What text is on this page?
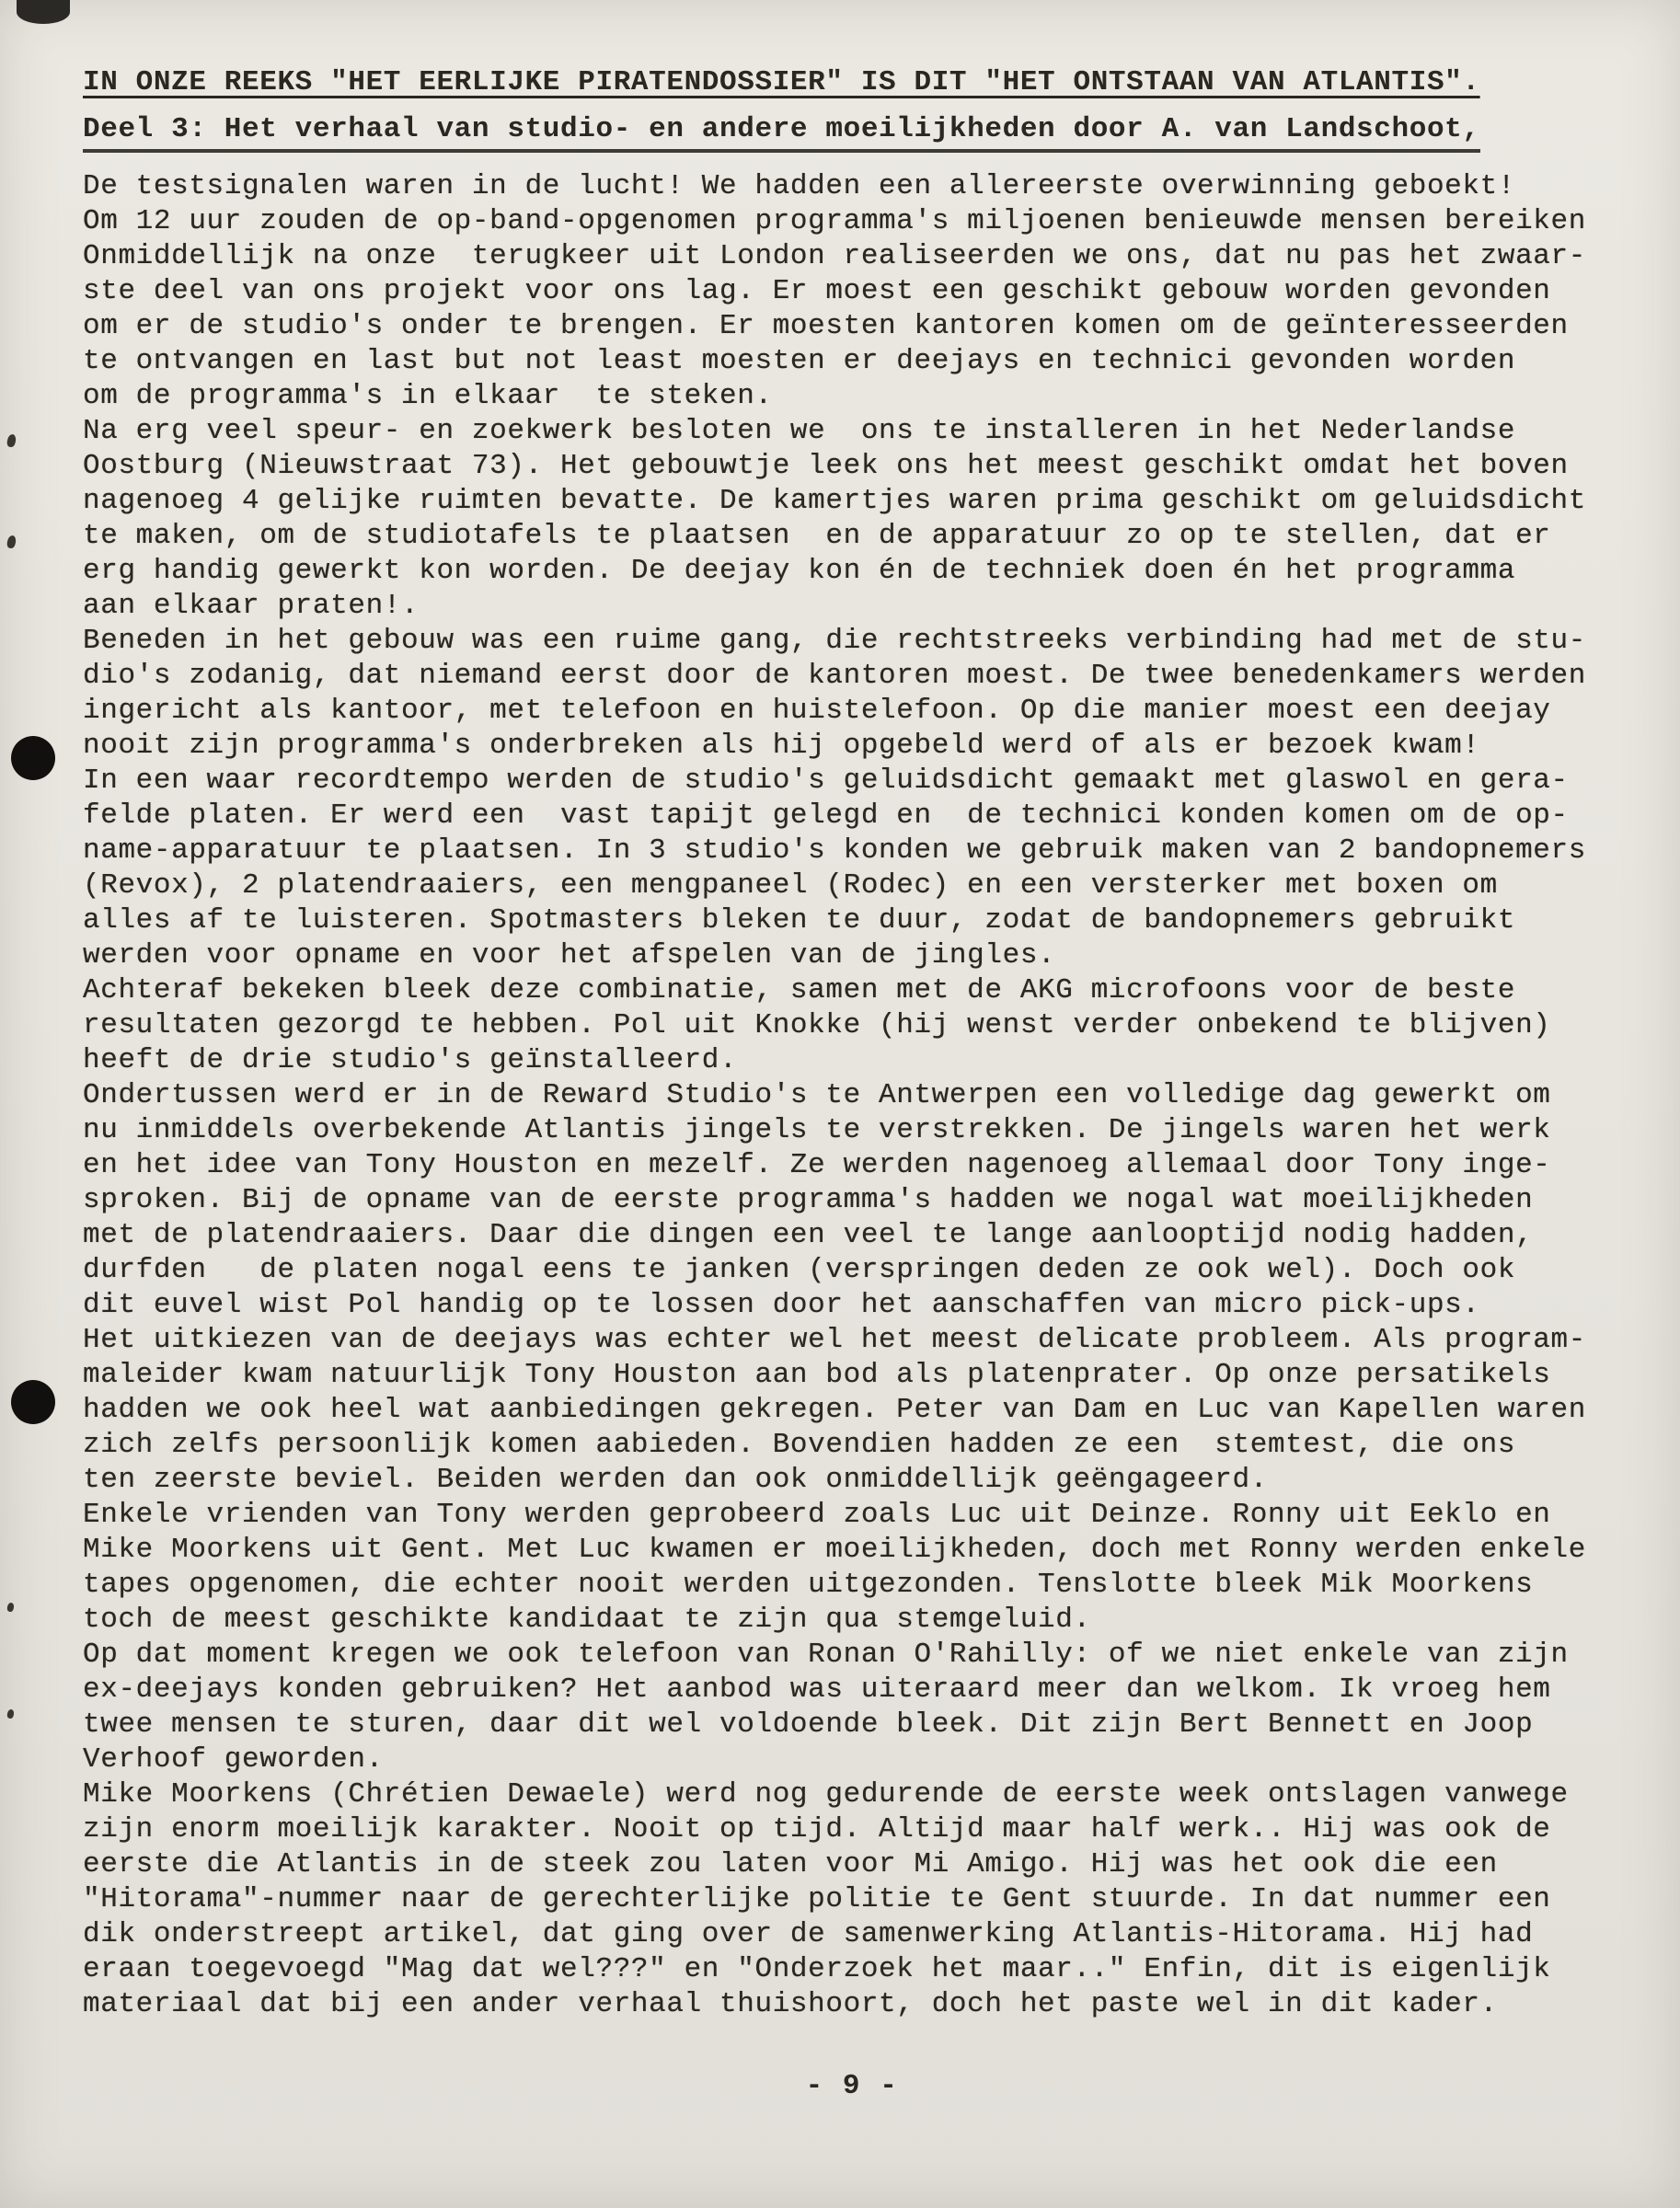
IN ONZE REEKS "HET EERLIJKE PIRATENDOSSIER" IS DIT "HET ONTSTAAN VAN ATLANTIS".
Deel 3: Het verhaal van studio- en andere moeilijkheden door A. van Landschoot,
De testsignalen waren in de lucht! We hadden een allereerste overwinning geboekt!
Om 12 uur zouden de op-band-opgenomen programma's miljoenen benieuwde mensen bereiken
Onmiddellijk na onze  terugkeer uit London realiseerden we ons, dat nu pas het zwaar-
ste deel van ons projekt voor ons lag. Er moest een geschikt gebouw worden gevonden
om er de studio's onder te brengen. Er moesten kantoren komen om de geïnteresseerden
te ontvangen en last but not least moesten er deejays en technici gevonden worden
om de programma's in elkaar  te steken.
Na erg veel speur- en zoekwerk besloten we  ons te installeren in het Nederlandse
Oostburg (Nieuwstraat 73). Het gebouwtje leek ons het meest geschikt omdat het boven
nagenoeg 4 gelijke ruimten bevatte. De kamertjes waren prima geschikt om geluidsdicht
te maken, om de studiotafels te plaatsen  en de apparatuur zo op te stellen, dat er
erg handig gewerkt kon worden. De deejay kon én de techniek doen én het programma
aan elkaar praten!.
Beneden in het gebouw was een ruime gang, die rechtstreeks verbinding had met de stu-
dio's zodanig, dat niemand eerst door de kantoren moest. De twee benedenkamers werden
ingericht als kantoor, met telefoon en huistelefoon. Op die manier moest een deejay
nooit zijn programma's onderbreken als hij opgebeld werd of als er bezoek kwam!
In een waar recordtempo werden de studio's geluidsdicht gemaakt met glaswol en gera-
felde platen. Er werd een  vast tapijt gelegd en  de technici konden komen om de op-
name-apparatuur te plaatsen. In 3 studio's konden we gebruik maken van 2 bandopnemers
(Revox), 2 platendraaiers, een mengpaneel (Rodec) en een versterker met boxen om
alles af te luisteren. Spotmasters bleken te duur, zodat de bandopnemers gebruikt
werden voor opname en voor het afspelen van de jingles.
Achteraf bekeken bleek deze combinatie, samen met de AKG microfoons voor de beste
resultaten gezorgd te hebben. Pol uit Knokke (hij wenst verder onbekend te blijven)
heeft de drie studio's geïnstalleerd.
Ondertussen werd er in de Reward Studio's te Antwerpen een volledige dag gewerkt om
nu inmiddels overbekende Atlantis jingels te verstrekken. De jingels waren het werk
en het idee van Tony Houston en mezelf. Ze werden nagenoeg allemaal door Tony inge-
sproken. Bij de opname van de eerste programma's hadden we nogal wat moeilijkheden
met de platendraaiers. Daar die dingen een veel te lange aanlooptijd nodig hadden,
durfden   de platen nogal eens te janken (verspringen deden ze ook wel). Doch ook
dit euvel wist Pol handig op te lossen door het aanschaffen van micro pick-ups.
Het uitkiezen van de deejays was echter wel het meest delicate probleem. Als program-
maleider kwam natuurlijk Tony Houston aan bod als platenprater. Op onze persatikels
hadden we ook heel wat aanbiedingen gekregen. Peter van Dam en Luc van Kapellen waren
zich zelfs persoonlijk komen aabieden. Bovendien hadden ze een  stemtest, die ons
ten zeerste beviel. Beiden werden dan ook onmiddellijk geëngageerd.
Enkele vrienden van Tony werden geprobeerd zoals Luc uit Deinze. Ronny uit Eeklo en
Mike Moorkens uit Gent. Met Luc kwamen er moeilijkheden, doch met Ronny werden enkele
tapes opgenomen, die echter nooit werden uitgezonden. Tenslotte bleek Mik Moorkens
toch de meest geschikte kandidaat te zijn qua stemgeluid.
Op dat moment kregen we ook telefoon van Ronan O'Rahilly: of we niet enkele van zijn
ex-deejays konden gebruiken? Het aanbod was uiteraard meer dan welkom. Ik vroeg hem
twee mensen te sturen, daar dit wel voldoende bleek. Dit zijn Bert Bennett en Joop
Verhoof geworden.
Mike Moorkens (Chrétien Dewaele) werd nog gedurende de eerste week ontslagen vanwege
zijn enorm moeilijk karakter. Nooit op tijd. Altijd maar half werk.. Hij was ook de
eerste die Atlantis in de steek zou laten voor Mi Amigo. Hij was het ook die een
"Hitorama"-nummer naar de gerechterlijke politie te Gent stuurde. In dat nummer een
dik onderstreept artikel, dat ging over de samenwerking Atlantis-Hitorama. Hij had
eraan toegevoegd "Mag dat wel???" en "Onderzoek het maar.." Enfin, dit is eigenlijk
materiaal dat bij een ander verhaal thuishoort, doch het paste wel in dit kader.
- 9 -
